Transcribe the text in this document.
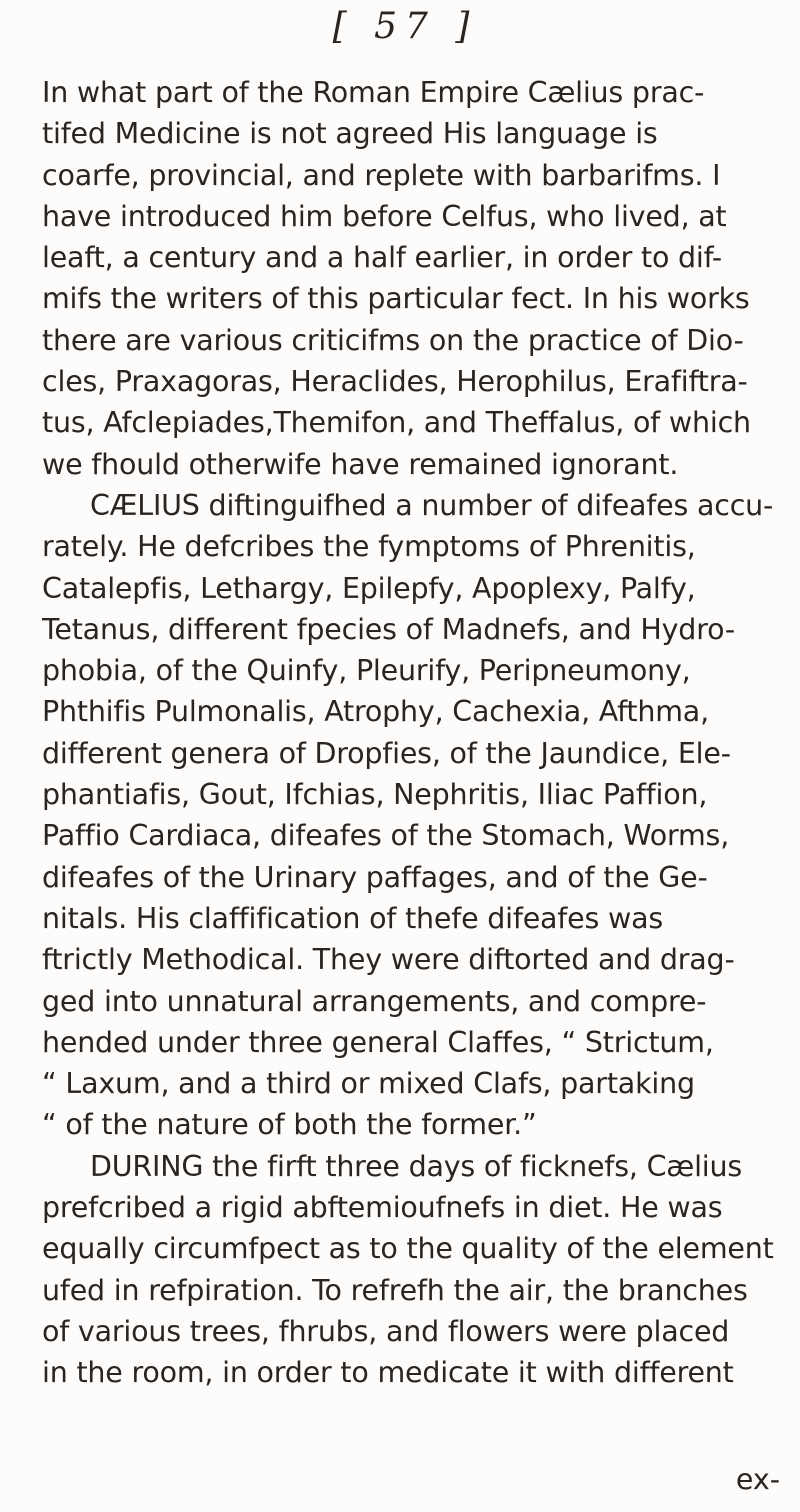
[ 57 ]
In what part of the Roman Empire Cælius prac-
tifed Medicine is not agreed His language is
coarfe, provincial, and replete with barbarifms. I
have introduced him before Celfus, who lived, at
leaft, a century and a half earlier, in order to dif-
mifs the writers of this particular fect. In his works
there are various criticifms on the practice of Dio-
cles, Praxagoras, Heraclides, Herophilus, Erafiftra-
tus, Afclepiades,Themifon, and Theffalus, of which
we fhould otherwife have remained ignorant.
CÆLIUS diftinguifhed a number of difeafes accu-
rately. He defcribes the fymptoms of Phrenitis,
Catalepfis, Lethargy, Epilepfy, Apoplexy, Palfy,
Tetanus, different fpecies of Madnefs, and Hydro-
phobia, of the Quinfy, Pleurify, Peripneumony,
Phthifis Pulmonalis, Atrophy, Cachexia, Afthma,
different genera of Dropfies, of the Jaundice, Ele-
phantiafis, Gout, Ifchias, Nephritis, Iliac Paffion,
Paffio Cardiaca, difeafes of the Stomach, Worms,
difeafes of the Urinary paffages, and of the Ge-
nitals. His claffification of thefe difeafes was
ftrictly Methodical. They were diftorted and drag-
ged into unnatural arrangements, and compre-
hended under three general Claffes, “ Strictum,
“ Laxum, and a third or mixed Clafs, partaking
“ of the nature of both the former.”
DURING the firft three days of ficknefs, Cælius
prefcribed a rigid abftemioufnefs in diet. He was
equally circumfpect as to the quality of the element
ufed in refpiration. To refrefh the air, the branches
of various trees, fhrubs, and flowers were placed
in the room, in order to medicate it with different
ex-
